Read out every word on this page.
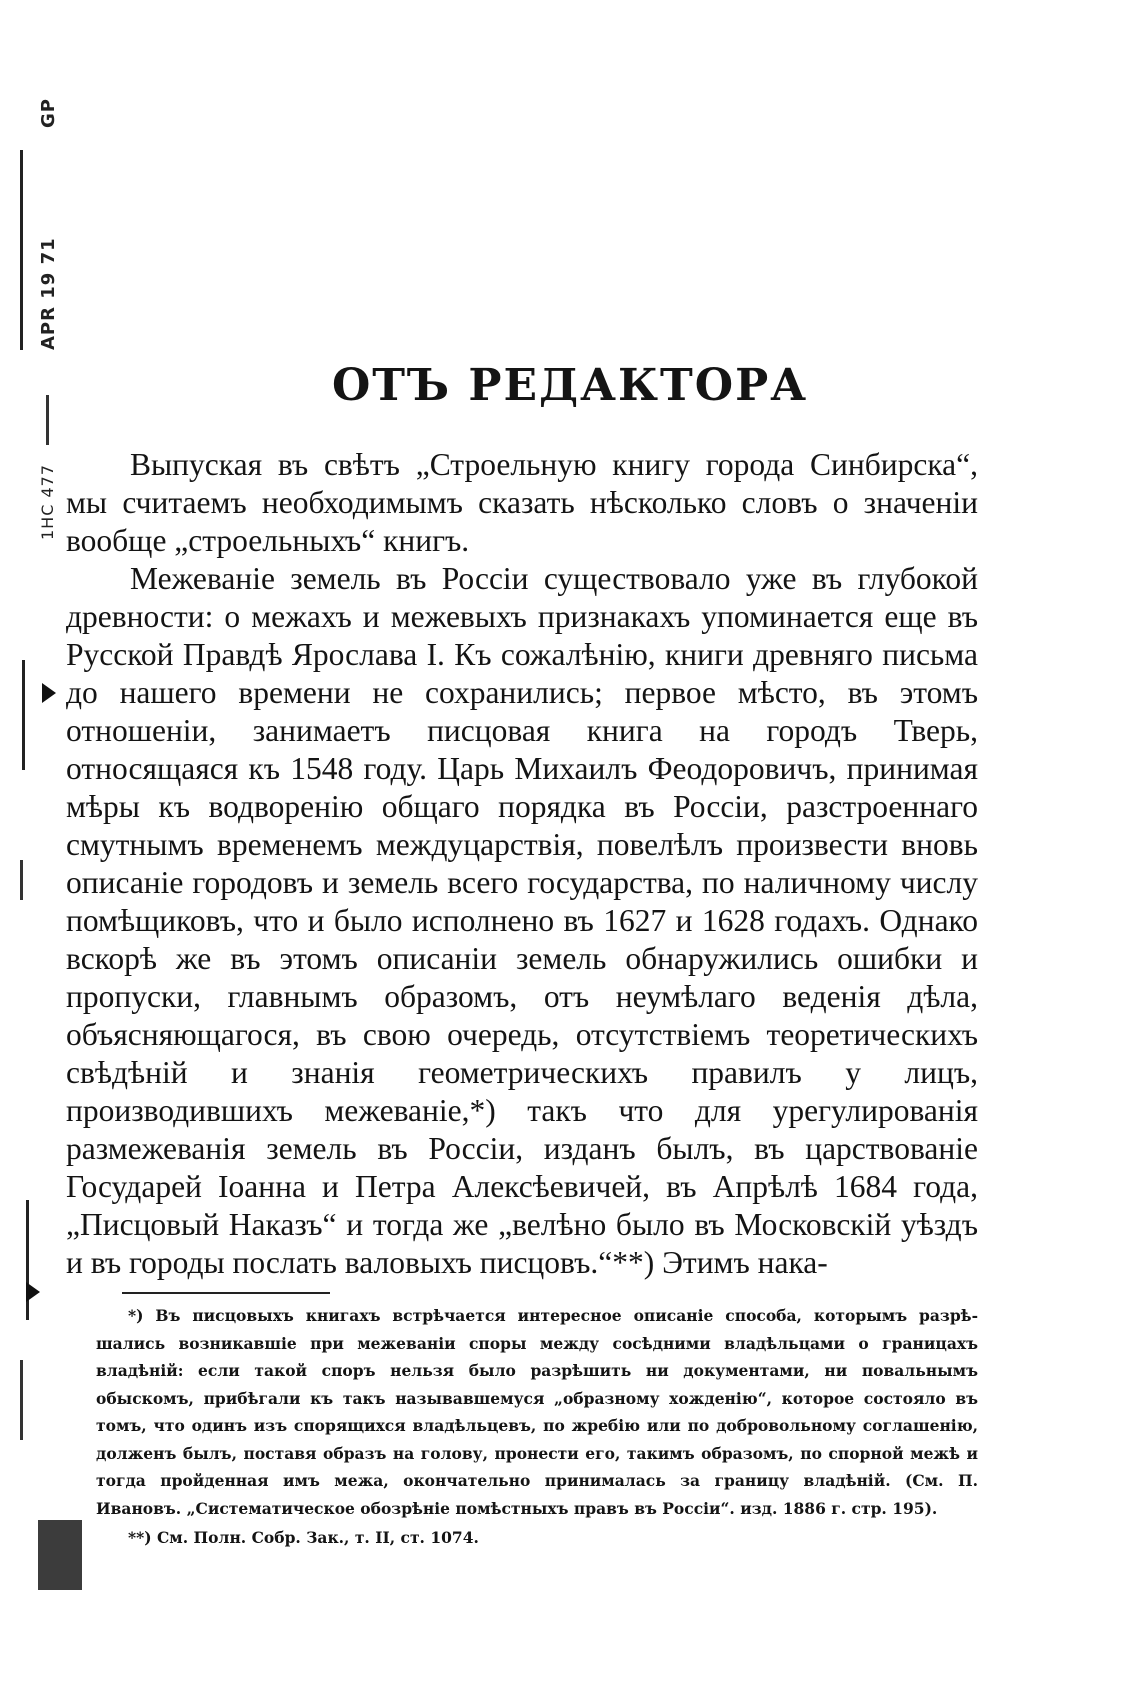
GP
APR 19 71
1HC 477
ОТЪ РЕДАКТОРА

Выпуская въ свѣтъ „Строельную книгу города Синбирска“, мы считаемъ необходимымъ сказать нѣсколько словъ о значеніи вообще „строельныхъ“ книгъ.

Межеваніе земель въ Россіи существовало уже въ глубокой древности: о межахъ и межевыхъ признакахъ упоминается еще въ Русской Правдѣ Ярослава I. Къ сожалѣнію, книги древняго письма до нашего времени не сохранились; первое мѣсто, въ этомъ отношеніи, занимаетъ писцовая книга на городъ Тверь, относящаяся къ 1548 году. Царь Михаилъ Феодоровичъ, принимая мѣры къ водворенію общаго порядка въ Россіи, разстроеннаго смутнымъ временемъ междуцарствія, повелѣлъ произвести вновь описаніе городовъ и земель всего государства, по наличному числу помѣщиковъ, что и было исполнено въ 1627 и 1628 годахъ. Однако вскорѣ же въ этомъ описаніи земель обнаружились ошибки и пропуски, главнымъ образомъ, отъ неумѣлаго веденія дѣла, объясняющагося, въ свою очередь, отсутствіемъ теоретическихъ свѣдѣній и знанія геометрическихъ правилъ у лицъ, производившихъ межеваніе,*) такъ что для урегулированія размежеванія земель въ Россіи, изданъ былъ, въ царствованіе Государей Іоанна и Петра Алексѣевичей, въ Апрѣлѣ 1684 года, „Писцовый Наказъ“ и тогда же „велѣно было въ Московскій уѣздъ и въ городы послать валовыхъ писцовъ.“**) Этимъ нака-

*) Въ писцовыхъ книгахъ встрѣчается интересное описаніе способа, которымъ разрѣшались возникавшіе при межеваніи споры между сосѣдними владѣльцами о границахъ владѣній: если такой споръ нельзя было разрѣшить ни документами, ни повальнымъ обыскомъ, прибѣгали къ такъ называвшемуся „образному хожденію“, которое состояло въ томъ, что одинъ изъ спорящихся владѣльцевъ, по жребію или по добровольному соглашенію, долженъ былъ, поставя образъ на голову, пронести его, такимъ образомъ, по спорной межѣ и тогда пройденная имъ межа, окончательно принималась за границу владѣній. (См. П. Ивановъ. „Систематическое обозрѣніе помѣстныхъ правъ въ Россіи“. изд. 1886 г. стр. 195).

**) См. Полн. Собр. Зак., т. II, ст. 1074.
